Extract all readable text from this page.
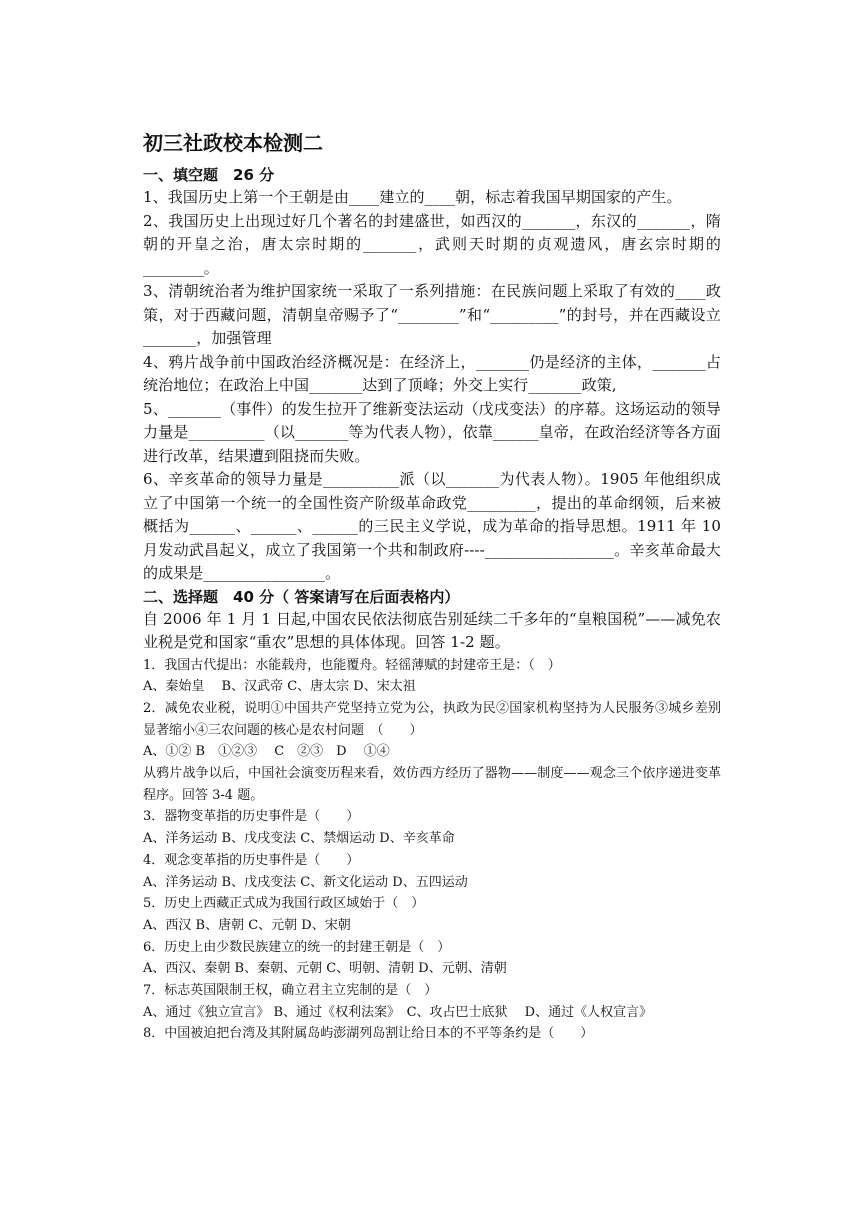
初三社政校本检测二
一、填空题　26 分

1、我国历史上第一个王朝是由____建立的____朝，标志着我国早期国家的产生。

2、我国历史上出现过好几个著名的封建盛世，如西汉的_______，东汉的_______，隋朝的开皇之治，唐太宗时期的_______，武则天时期的贞观遗风，唐玄宗时期的________。

3、清朝统治者为维护国家统一采取了一系列措施：在民族问题上采取了有效的____政策，对于西藏问题，清朝皇帝赐予了“________”和“_________”的封号，并在西藏设立_______，加强管理

4、鸦片战争前中国政治经济概况是：在经济上，_______仍是经济的主体，_______占统治地位；在政治上中国_______达到了顶峰；外交上实行_______政策,

5、_______（事件）的发生拉开了维新变法运动（戊戌变法）的序幕。这场运动的领导力量是__________（以_______等为代表人物），依靠______皇帝，在政治经济等各方面进行改革，结果遭到阻挠而失败。

6、辛亥革命的领导力量是__________派（以_______为代表人物）。1905 年他组织成立了中国第一个统一的全国性资产阶级革命政党_________，提出的革命纲领，后来被概括为______、______、______的三民主义学说，成为革命的指导思想。1911 年 10 月发动武昌起义，成立了我国第一个共和制政府----_________________。辛亥革命最大的成果是________________。

二、选择题　40 分（ 答案请写在后面表格内）

自 2006 年 1 月 1 日起,中国农民依法彻底告别延续二千多年的“皇粮国税”——减免农业税是党和国家“重农”思想的具体体现。回答 1-2 题。

1．我国古代提出：水能载舟，也能覆舟。轻徭薄赋的封建帝王是：（　）

A、秦始皇　 B、汉武帝 C、唐太宗 D、宋太祖

2．减免农业税，说明①中国共产党坚持立党为公，执政为民②国家机构坚持为人民服务③城乡差别显著缩小④三农问题的核心是农村问题　（　　）

A、①② B　①②③　 C　②③　D　 ①④

从鸦片战争以后，中国社会演变历程来看，效仿西方经历了器物——制度——观念三个依序递进变革程序。回答 3-4 题。

3．器物变革指的历史事件是（　　）

A、洋务运动 B、戊戌变法 C、禁烟运动 D、辛亥革命

4．观念变革指的历史事件是（　　）

A、洋务运动 B、戊戌变法 C、新文化运动 D、五四运动

5．历史上西藏正式成为我国行政区域始于（　）

A、西汉 B、唐朝 C、元朝 D、宋朝

6．历史上由少数民族建立的统一的封建王朝是（　）

A、西汉、秦朝 B、秦朝、元朝 C、明朝、清朝 D、元朝、清朝

7．标志英国限制王权，确立君主立宪制的是（　）

A、通过《独立宣言》 B、通过《权利法案》　C、攻占巴士底狱　 D、通过《人权宣言》

8．中国被迫把台湾及其附属岛屿澎湖列岛割让给日本的不平等条约是（　　）
